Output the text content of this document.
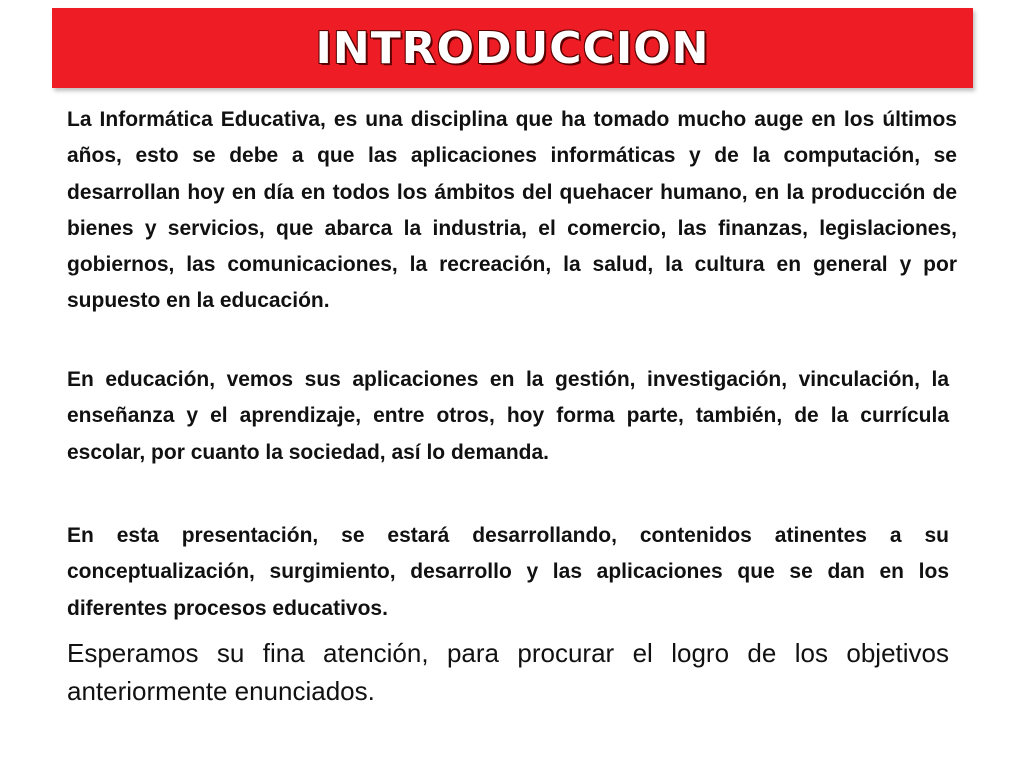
INTRODUCCION

La Informática Educativa, es una disciplina que ha tomado mucho auge en los últimos años, esto se debe a que las aplicaciones informáticas y de la computación, se desarrollan hoy en día en todos los ámbitos del quehacer humano, en la producción de bienes y servicios, que abarca la industria, el comercio, las finanzas, legislaciones, gobiernos, las comunicaciones, la recreación, la salud, la cultura en general y por supuesto en la educación.

En educación, vemos sus aplicaciones en la gestión, investigación, vinculación, la enseñanza y el aprendizaje, entre otros, hoy forma parte, también, de la currícula escolar, por cuanto la sociedad, así lo demanda.

En esta presentación, se estará desarrollando, contenidos atinentes a su conceptualización, surgimiento, desarrollo y las aplicaciones que se dan en los diferentes procesos educativos.

Esperamos su fina atención, para procurar el logro de los objetivos anteriormente enunciados.
